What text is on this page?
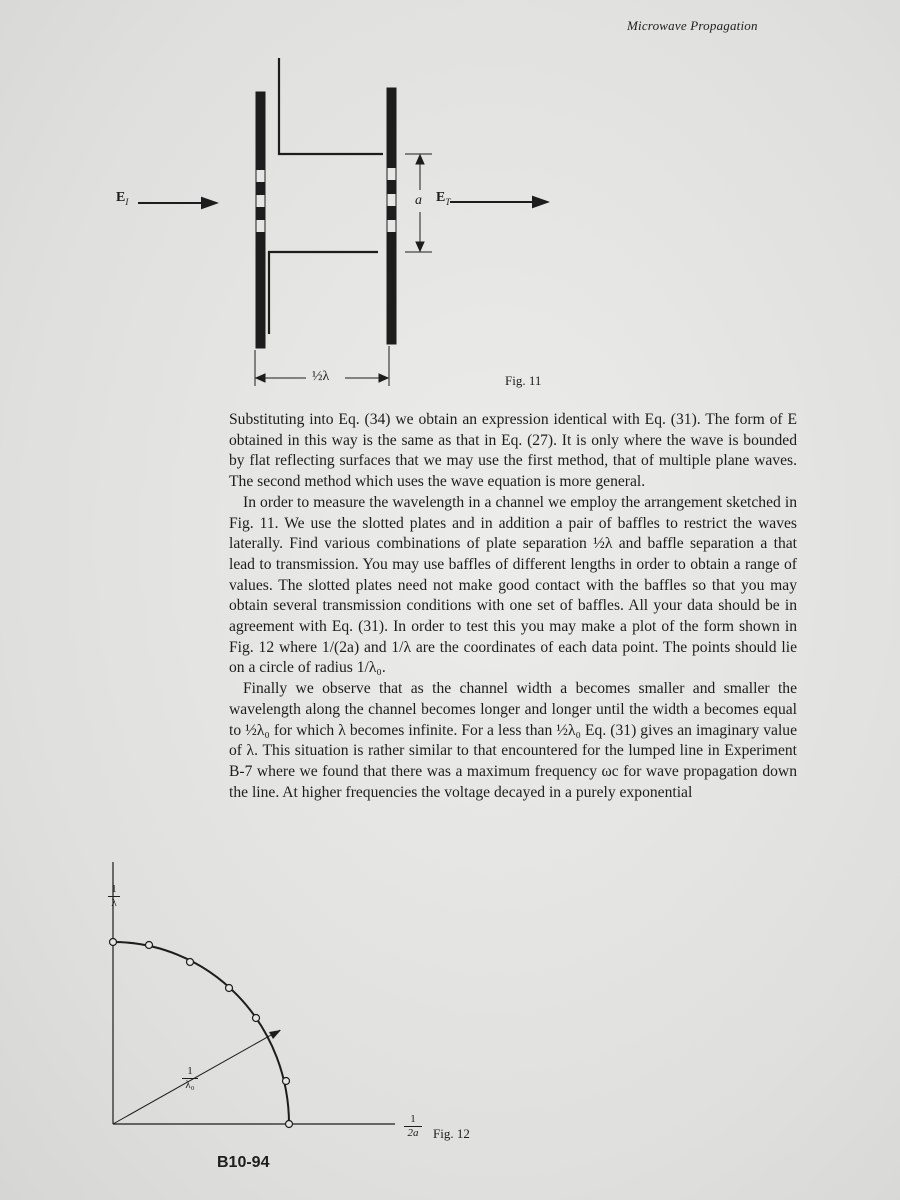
Microwave Propagation
$E_I$	$E_T$
a
½λ	Fig. 11

Substituting into Eq. (34) we obtain an expression identical with Eq. (31). The form of E obtained in this way is the same as that in Eq. (27). It is only where the wave is bounded by flat reflecting surfaces that we may use the first method, that of multiple plane waves. The second method which uses the wave equation is more general.

In order to measure the wavelength in a channel we employ the arrangement sketched in Fig. 11. We use the slotted plates and in addition a pair of baffles to restrict the waves laterally. Find various combinations of plate separation ½λ and baffle separation a that lead to transmission. You may use baffles of different lengths in order to obtain a range of values. The slotted plates need not make good contact with the baffles so that you may obtain several transmission conditions with one set of baffles. All your data should be in agreement with Eq. (31). In order to test this you may make a plot of the form shown in Fig. 12 where 1/(2a) and 1/λ are the coordinates of each data point. The points should lie on a circle of radius 1/λ₀.

Finally we observe that as the channel width a becomes smaller and smaller the wavelength along the channel becomes longer and longer until the width a becomes equal to ½λ₀ for which λ becomes infinite. For a less than ½λ₀ Eq. (31) gives an imaginary value of λ. This situation is rather similar to that encountered for the lumped line in Experiment B-7 where we found that there was a maximum frequency ωc for wave propagation down the line. At higher frequencies the voltage decayed in a purely exponential

1
λ
1
λ₀
1
2a Fig. 12
B10-94
